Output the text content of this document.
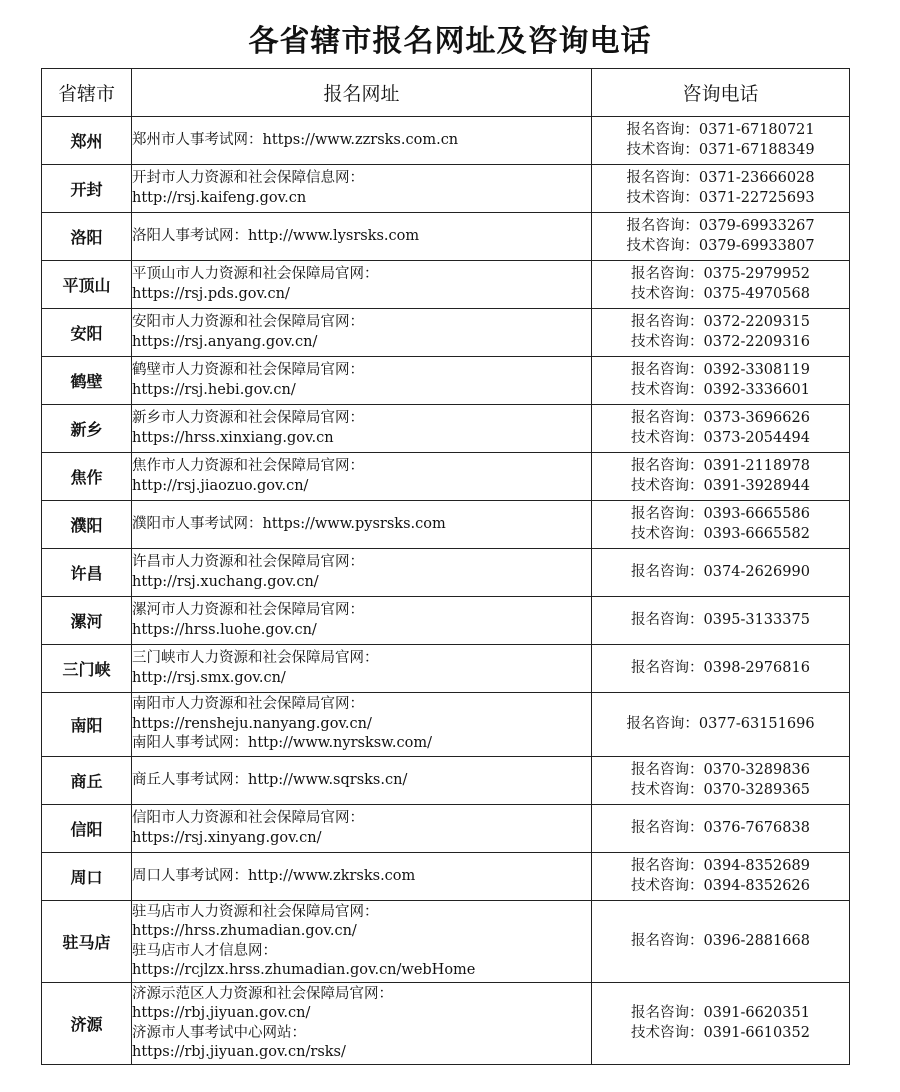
各省辖市报名网址及咨询电话
省辖市	报名网址	咨询电话
郑州	郑州市人事考试网：https://www.zzrsks.com.cn	报名咨询：0371-67180721
技术咨询：0371-67188349

开封	开封市人力资源和社会保障信息网：
http://rsj.kaifeng.gov.cn	报名咨询：0371-23666028
技术咨询：0371-22725693

洛阳	洛阳人事考试网：http://www.lysrsks.com	报名咨询：0379-69933267
技术咨询：0379-69933807

平顶山	平顶山市人力资源和社会保障局官网：
https://rsj.pds.gov.cn/	报名咨询：0375-2979952
技术咨询：0375-4970568

安阳	安阳市人力资源和社会保障局官网：
https://rsj.anyang.gov.cn/	报名咨询：0372-2209315
技术咨询：0372-2209316

鹤壁	鹤壁市人力资源和社会保障局官网：
https://rsj.hebi.gov.cn/	报名咨询：0392-3308119
技术咨询：0392-3336601

新乡	新乡市人力资源和社会保障局官网：
https://hrss.xinxiang.gov.cn	报名咨询：0373-3696626
技术咨询：0373-2054494

焦作	焦作市人力资源和社会保障局官网：
http://rsj.jiaozuo.gov.cn/	报名咨询：0391-2118978
技术咨询：0391-3928944

濮阳	濮阳市人事考试网：https://www.pysrsks.com	报名咨询：0393-6665586
技术咨询：0393-6665582

许昌	许昌市人力资源和社会保障局官网：
http://rsj.xuchang.gov.cn/	报名咨询：0374-2626990

漯河	漯河市人力资源和社会保障局官网：
https://hrss.luohe.gov.cn/	报名咨询：0395-3133375

三门峡	三门峡市人力资源和社会保障局官网：
http://rsj.smx.gov.cn/	报名咨询：0398-2976816

南阳	南阳市人力资源和社会保障局官网：
https://rensheju.nanyang.gov.cn/
南阳人事考试网：http://www.nyrsksw.com/	报名咨询：0377-63151696

商丘	商丘人事考试网：http://www.sqrsks.cn/	报名咨询：0370-3289836
技术咨询：0370-3289365

信阳	信阳市人力资源和社会保障局官网：
https://rsj.xinyang.gov.cn/	报名咨询：0376-7676838

周口	周口人事考试网：http://www.zkrsks.com	报名咨询：0394-8352689
技术咨询：0394-8352626

驻马店	驻马店市人力资源和社会保障局官网：
https://hrss.zhumadian.gov.cn/
驻马店市人才信息网：
https://rcjlzx.hrss.zhumadian.gov.cn/webHome	报名咨询：0396-2881668

济源	济源示范区人力资源和社会保障局官网：
https://rbj.jiyuan.gov.cn/
济源市人事考试中心网站：
https://rbj.jiyuan.gov.cn/rsks/	报名咨询：0391-6620351
技术咨询：0391-6610352
